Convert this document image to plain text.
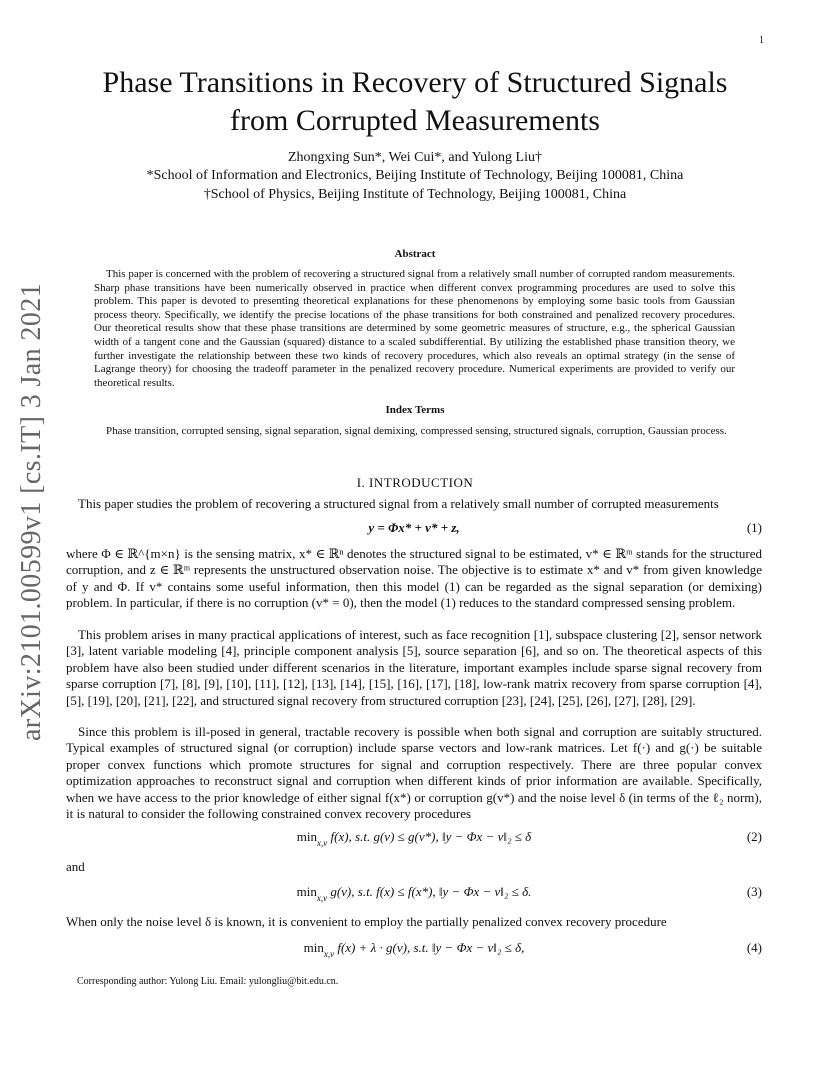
1
arXiv:2101.00599v1 [cs.IT] 3 Jan 2021
Phase Transitions in Recovery of Structured Signals
from Corrupted Measurements
Zhongxing Sun*, Wei Cui*, and Yulong Liu†
*School of Information and Electronics, Beijing Institute of Technology, Beijing 100081, China
†School of Physics, Beijing Institute of Technology, Beijing 100081, China
Abstract
This paper is concerned with the problem of recovering a structured signal from a relatively small number of corrupted random measurements. Sharp phase transitions have been numerically observed in practice when different convex programming procedures are used to solve this problem. This paper is devoted to presenting theoretical explanations for these phenomenons by employing some basic tools from Gaussian process theory. Specifically, we identify the precise locations of the phase transitions for both constrained and penalized recovery procedures. Our theoretical results show that these phase transitions are determined by some geometric measures of structure, e.g., the spherical Gaussian width of a tangent cone and the Gaussian (squared) distance to a scaled subdifferential. By utilizing the established phase transition theory, we further investigate the relationship between these two kinds of recovery procedures, which also reveals an optimal strategy (in the sense of Lagrange theory) for choosing the tradeoff parameter in the penalized recovery procedure. Numerical experiments are provided to verify our theoretical results.
Index Terms
Phase transition, corrupted sensing, signal separation, signal demixing, compressed sensing, structured signals, corruption, Gaussian process.
I. INTRODUCTION
This paper studies the problem of recovering a structured signal from a relatively small number of corrupted measurements
y = Φx* + v* + z,	(1)
where Φ ∈ ℝ^{m×n} is the sensing matrix, x* ∈ ℝⁿ denotes the structured signal to be estimated, v* ∈ ℝᵐ stands for the structured corruption, and z ∈ ℝᵐ represents the unstructured observation noise. The objective is to estimate x* and v* from given knowledge of y and Φ. If v* contains some useful information, then this model (1) can be regarded as the signal separation (or demixing) problem. In particular, if there is no corruption (v* = 0), then the model (1) reduces to the standard compressed sensing problem.
This problem arises in many practical applications of interest, such as face recognition [1], subspace clustering [2], sensor network [3], latent variable modeling [4], principle component analysis [5], source separation [6], and so on. The theoretical aspects of this problem have also been studied under different scenarios in the literature, important examples include sparse signal recovery from sparse corruption [7], [8], [9], [10], [11], [12], [13], [14], [15], [16], [17], [18], low-rank matrix recovery from sparse corruption [4], [5], [19], [20], [21], [22], and structured signal recovery from structured corruption [23], [24], [25], [26], [27], [28], [29].
Since this problem is ill-posed in general, tractable recovery is possible when both signal and corruption are suitably structured. Typical examples of structured signal (or corruption) include sparse vectors and low-rank matrices. Let f(·) and g(·) be suitable proper convex functions which promote structures for signal and corruption respectively. There are three popular convex optimization approaches to reconstruct signal and corruption when different kinds of prior information are available. Specifically, when we have access to the prior knowledge of either signal f(x*) or corruption g(v*) and the noise level δ (in terms of the ℓ₂ norm), it is natural to consider the following constrained convex recovery procedures
$\min_{x,v} f(x)$, s.t. g(v) ≤ g(v*), ‖y − Φx − v‖₂ ≤ δ	(2)
and
$\min_{x,v} g(v)$, s.t. f(x) ≤ f(x*), ‖y − Φx − v‖₂ ≤ δ.	(3)
When only the noise level δ is known, it is convenient to employ the partially penalized convex recovery procedure
$\min_{x,v} f(x) + \lambda \cdot g(v)$, s.t. ‖y − Φx − v‖₂ ≤ δ,	(4)
Corresponding author: Yulong Liu. Email: yulongliu@bit.edu.cn.
